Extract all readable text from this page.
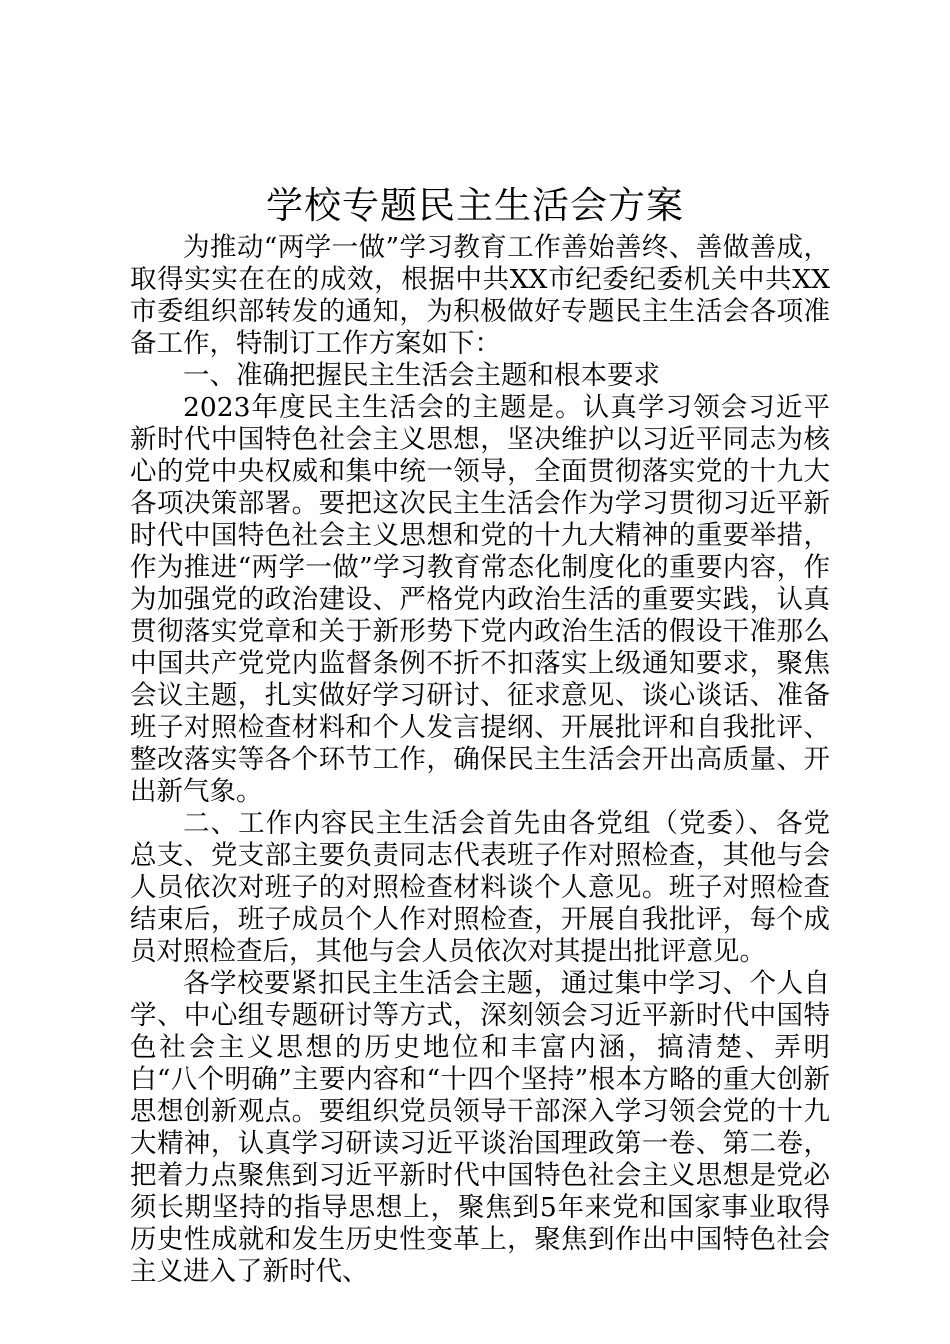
学校专题民主生活会方案

为推动“两学一做”学习教育工作善始善终、善做善成，取得实实在在的成效，根据中共XX市纪委纪委机关中共XX市委组织部转发的通知，为积极做好专题民主生活会各项准备工作，特制订工作方案如下：

一、准确把握民主生活会主题和根本要求

2023年度民主生活会的主题是。认真学习领会习近平新时代中国特色社会主义思想，坚决维护以习近平同志为核心的党中央权威和集中统一领导，全面贯彻落实党的十九大各项决策部署。要把这次民主生活会作为学习贯彻习近平新时代中国特色社会主义思想和党的十九大精神的重要举措，作为推进“两学一做”学习教育常态化制度化的重要内容，作为加强党的政治建设、严格党内政治生活的重要实践，认真贯彻落实党章和关于新形势下党内政治生活的假设干准那么中国共产党党内监督条例不折不扣落实上级通知要求，聚焦会议主题，扎实做好学习研讨、征求意见、谈心谈话、准备班子对照检查材料和个人发言提纲、开展批评和自我批评、整改落实等各个环节工作，确保民主生活会开出高质量、开出新气象。

二、工作内容民主生活会首先由各党组（党委）、各党总支、党支部主要负责同志代表班子作对照检查，其他与会人员依次对班子的对照检查材料谈个人意见。班子对照检查结束后，班子成员个人作对照检查，开展自我批评，每个成员对照检查后，其他与会人员依次对其提出批评意见。

各学校要紧扣民主生活会主题，通过集中学习、个人自学、中心组专题研讨等方式，深刻领会习近平新时代中国特色社会主义思想的历史地位和丰富内涵，搞清楚、弄明白“八个明确”主要内容和“十四个坚持”根本方略的重大创新思想创新观点。要组织党员领导干部深入学习领会党的十九大精神，认真学习研读习近平谈治国理政第一卷、第二卷，把着力点聚焦到习近平新时代中国特色社会主义思想是党必须长期坚持的指导思想上，聚焦到5年来党和国家事业取得历史性成就和发生历史性变革上，聚焦到作出中国特色社会主义进入了新时代、
